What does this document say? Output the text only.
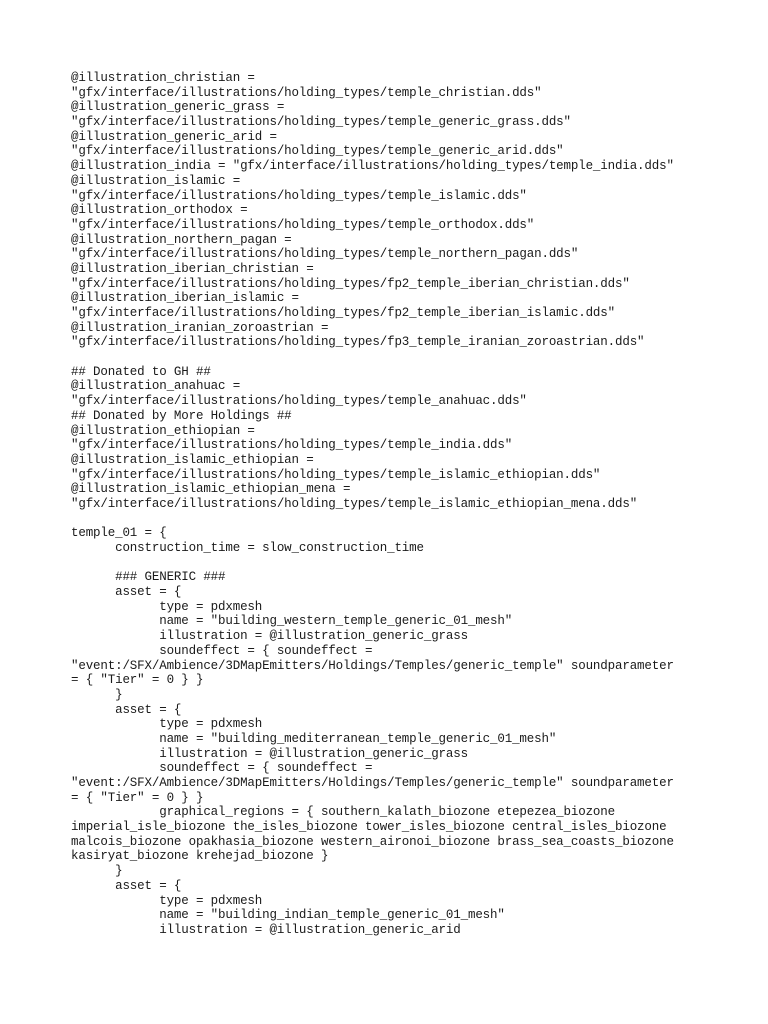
@illustration_christian =
"gfx/interface/illustrations/holding_types/temple_christian.dds"
@illustration_generic_grass =
"gfx/interface/illustrations/holding_types/temple_generic_grass.dds"
@illustration_generic_arid =
"gfx/interface/illustrations/holding_types/temple_generic_arid.dds"
@illustration_india = "gfx/interface/illustrations/holding_types/temple_india.dds"
@illustration_islamic =
"gfx/interface/illustrations/holding_types/temple_islamic.dds"
@illustration_orthodox =
"gfx/interface/illustrations/holding_types/temple_orthodox.dds"
@illustration_northern_pagan =
"gfx/interface/illustrations/holding_types/temple_northern_pagan.dds"
@illustration_iberian_christian =
"gfx/interface/illustrations/holding_types/fp2_temple_iberian_christian.dds"
@illustration_iberian_islamic =
"gfx/interface/illustrations/holding_types/fp2_temple_iberian_islamic.dds"
@illustration_iranian_zoroastrian =
"gfx/interface/illustrations/holding_types/fp3_temple_iranian_zoroastrian.dds"
## Donated to GH ##
@illustration_anahuac =
"gfx/interface/illustrations/holding_types/temple_anahuac.dds"
## Donated by More Holdings ##
@illustration_ethiopian =
"gfx/interface/illustrations/holding_types/temple_india.dds"
@illustration_islamic_ethiopian =
"gfx/interface/illustrations/holding_types/temple_islamic_ethiopian.dds"
@illustration_islamic_ethiopian_mena =
"gfx/interface/illustrations/holding_types/temple_islamic_ethiopian_mena.dds"
temple_01 = {
construction_time = slow_construction_time
### GENERIC ###
asset = {
type = pdxmesh
name = "building_western_temple_generic_01_mesh"
illustration = @illustration_generic_grass
soundeffect = { soundeffect =
"event:/SFX/Ambience/3DMapEmitters/Holdings/Temples/generic_temple" soundparameter
= { "Tier" = 0 } }
}
asset = {
type = pdxmesh
name = "building_mediterranean_temple_generic_01_mesh"
illustration = @illustration_generic_grass
soundeffect = { soundeffect =
"event:/SFX/Ambience/3DMapEmitters/Holdings/Temples/generic_temple" soundparameter
= { "Tier" = 0 } }
graphical_regions = { southern_kalath_biozone etepezea_biozone
imperial_isle_biozone the_isles_biozone tower_isles_biozone central_isles_biozone
malcois_biozone opakhasia_biozone western_aironoi_biozone brass_sea_coasts_biozone
kasiryat_biozone krehejad_biozone }
}
asset = {
type = pdxmesh
name = "building_indian_temple_generic_01_mesh"
illustration = @illustration_generic_arid
